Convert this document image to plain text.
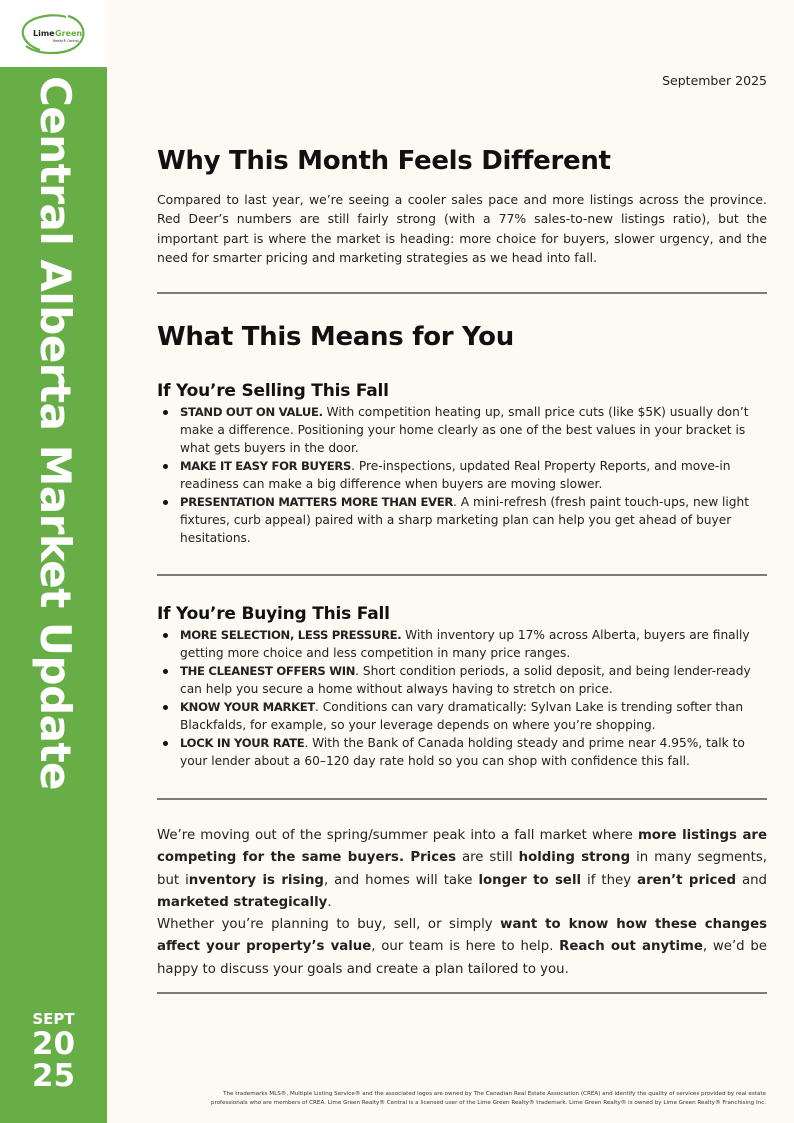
Lime Green
Realty® Central
Central Alberta Market Update
SEPT
20
25
September 2025
Why This Month Feels Different

Compared to last year, we’re seeing a cooler sales pace and more listings across the province. Red Deer’s numbers are still fairly strong (with a 77% sales-to-new listings ratio), but the important part is where the market is heading: more choice for buyers, slower urgency, and the need for smarter pricing and marketing strategies as we head into fall.

What This Means for You
If You’re Selling This Fall
STAND OUT ON VALUE. With competition heating up, small price cuts (like $5K) usually don’t make a difference. Positioning your home clearly as one of the best values in your bracket is what gets buyers in the door.
MAKE IT EASY FOR BUYERS. Pre-inspections, updated Real Property Reports, and move-in readiness can make a big difference when buyers are moving slower.
PRESENTATION MATTERS MORE THAN EVER. A mini-refresh (fresh paint touch-ups, new light fixtures, curb appeal) paired with a sharp marketing plan can help you get ahead of buyer hesitations.
If You’re Buying This Fall
MORE SELECTION, LESS PRESSURE. With inventory up 17% across Alberta, buyers are finally getting more choice and less competition in many price ranges.
THE CLEANEST OFFERS WIN. Short condition periods, a solid deposit, and being lender-ready can help you secure a home without always having to stretch on price.
KNOW YOUR MARKET. Conditions can vary dramatically: Sylvan Lake is trending softer than Blackfalds, for example, so your leverage depends on where you’re shopping.
LOCK IN YOUR RATE. With the Bank of Canada holding steady and prime near 4.95%, talk to your lender about a 60–120 day rate hold so you can shop with confidence this fall.

We’re moving out of the spring/summer peak into a fall market where more listings are competing for the same buyers. Prices are still holding strong in many segments, but inventory is rising, and homes will take longer to sell if they aren’t priced and marketed strategically.

Whether you’re planning to buy, sell, or simply want to know how these changes affect your property’s value, our team is here to help. Reach out anytime, we’d be happy to discuss your goals and create a plan tailored to you.

The trademarks MLS®, Multiple Listing Service® and the associated logos are owned by The Canadian Real Estate Association (CREA) and identify the quality of services provided by real estate
professionals who are members of CREA. Lime Green Realty® Central is a licensed user of the Lime Green Realty® trademark. Lime Green Realty® is owned by Lime Green Realty® Franchising Inc.
